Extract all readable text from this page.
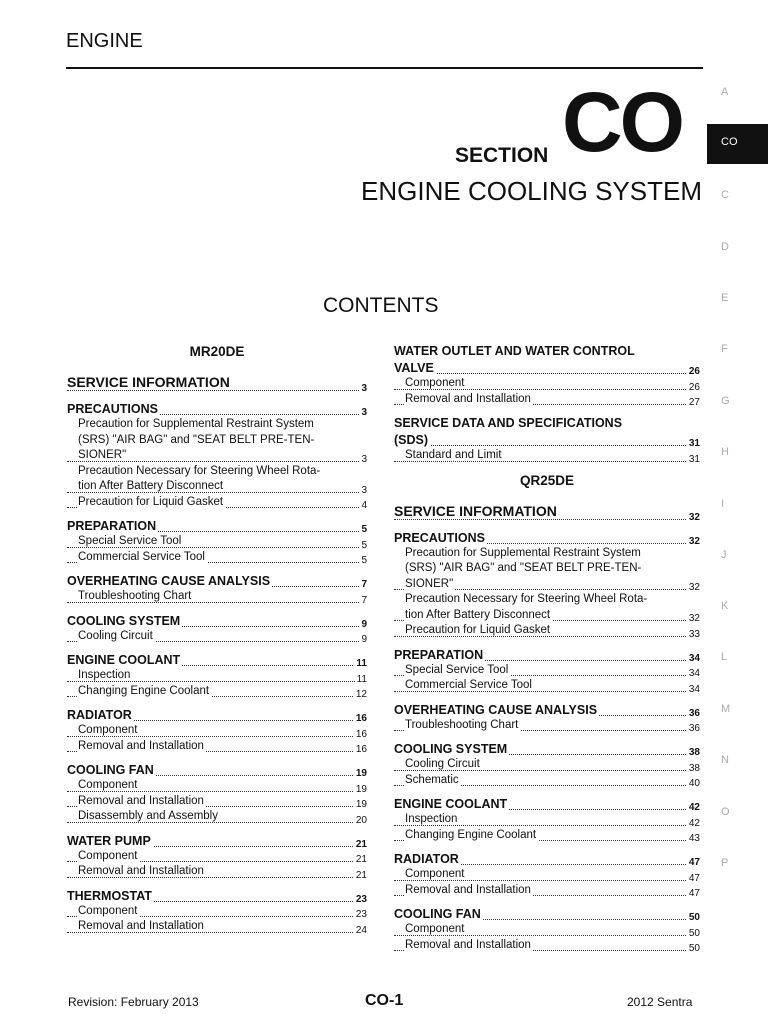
ENGINE
SECTION CO
ENGINE COOLING SYSTEM
CONTENTS
A
CO
C
D
E
F
G
H
I
J
K
L
M
N
O
P
MR20DE
SERVICE INFORMATION	3
PRECAUTIONS	3
Precaution for Supplemental Restraint System
(SRS) "AIR BAG" and "SEAT BELT PRE-TEN-
SIONER"	3
Precaution Necessary for Steering Wheel Rota-
tion After Battery Disconnect	3
Precaution for Liquid Gasket	4
PREPARATION	5
Special Service Tool	5
Commercial Service Tool	5
OVERHEATING CAUSE ANALYSIS	7
Troubleshooting Chart	7
COOLING SYSTEM	9
Cooling Circuit	9
ENGINE COOLANT	11
Inspection	11
Changing Engine Coolant	12
RADIATOR	16
Component	16
Removal and Installation	16
COOLING FAN	19
Component	19
Removal and Installation	19
Disassembly and Assembly	20
WATER PUMP	21
Component	21
Removal and Installation	21
THERMOSTAT	23
Component	23
Removal and Installation	24
WATER OUTLET AND WATER CONTROL
VALVE	26
Component	26
Removal and Installation	27
SERVICE DATA AND SPECIFICATIONS
(SDS)	31
Standard and Limit	31
QR25DE
SERVICE INFORMATION	32
PRECAUTIONS	32
Precaution for Supplemental Restraint System
(SRS) "AIR BAG" and "SEAT BELT PRE-TEN-
SIONER"	32
Precaution Necessary for Steering Wheel Rota-
tion After Battery Disconnect	32
Precaution for Liquid Gasket	33
PREPARATION	34
Special Service Tool	34
Commercial Service Tool	34
OVERHEATING CAUSE ANALYSIS	36
Troubleshooting Chart	36
COOLING SYSTEM	38
Cooling Circuit	38
Schematic	40
ENGINE COOLANT	42
Inspection	42
Changing Engine Coolant	43
RADIATOR	47
Component	47
Removal and Installation	47
COOLING FAN	50
Component	50
Removal and Installation	50
Revision: February 2013	CO-1	2012 Sentra
